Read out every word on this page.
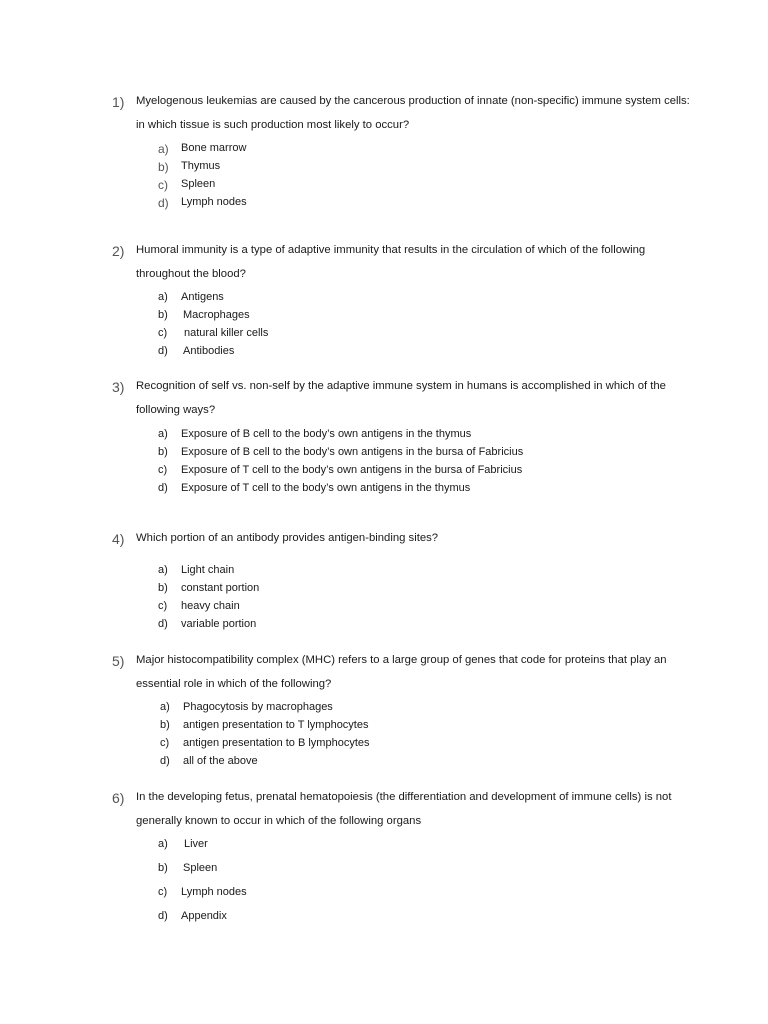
1) Myelogenous leukemias are caused by the cancerous production of innate (non-specific) immune system cells: in which tissue is such production most likely to occur?
a) Bone marrow
b) Thymus
c) Spleen
d) Lymph nodes
2) Humoral immunity is a type of adaptive immunity that results in the circulation of which of the following throughout the blood?
a) Antigens
b) Macrophages
c) natural killer cells
d) Antibodies
3) Recognition of self vs. non-self by the adaptive immune system in humans is accomplished in which of the following ways?
a) Exposure of B cell to the body’s own antigens in the thymus
b) Exposure of B cell to the body’s own antigens in the bursa of Fabricius
c) Exposure of T cell to the body’s own antigens in the bursa of Fabricius
d) Exposure of T cell to the body’s own antigens in the thymus
4) Which portion of an antibody provides antigen-binding sites?
a) Light chain
b) constant portion
c) heavy chain
d) variable portion
5) Major histocompatibility complex (MHC) refers to a large group of genes that code for proteins that play an essential role in which of the following?
a) Phagocytosis by macrophages
b) antigen presentation to T lymphocytes
c) antigen presentation to B lymphocytes
d) all of the above
6) In the developing fetus, prenatal hematopoiesis (the differentiation and development of immune cells) is not generally known to occur in which of the following organs
a) Liver
b) Spleen
c) Lymph nodes
d) Appendix
